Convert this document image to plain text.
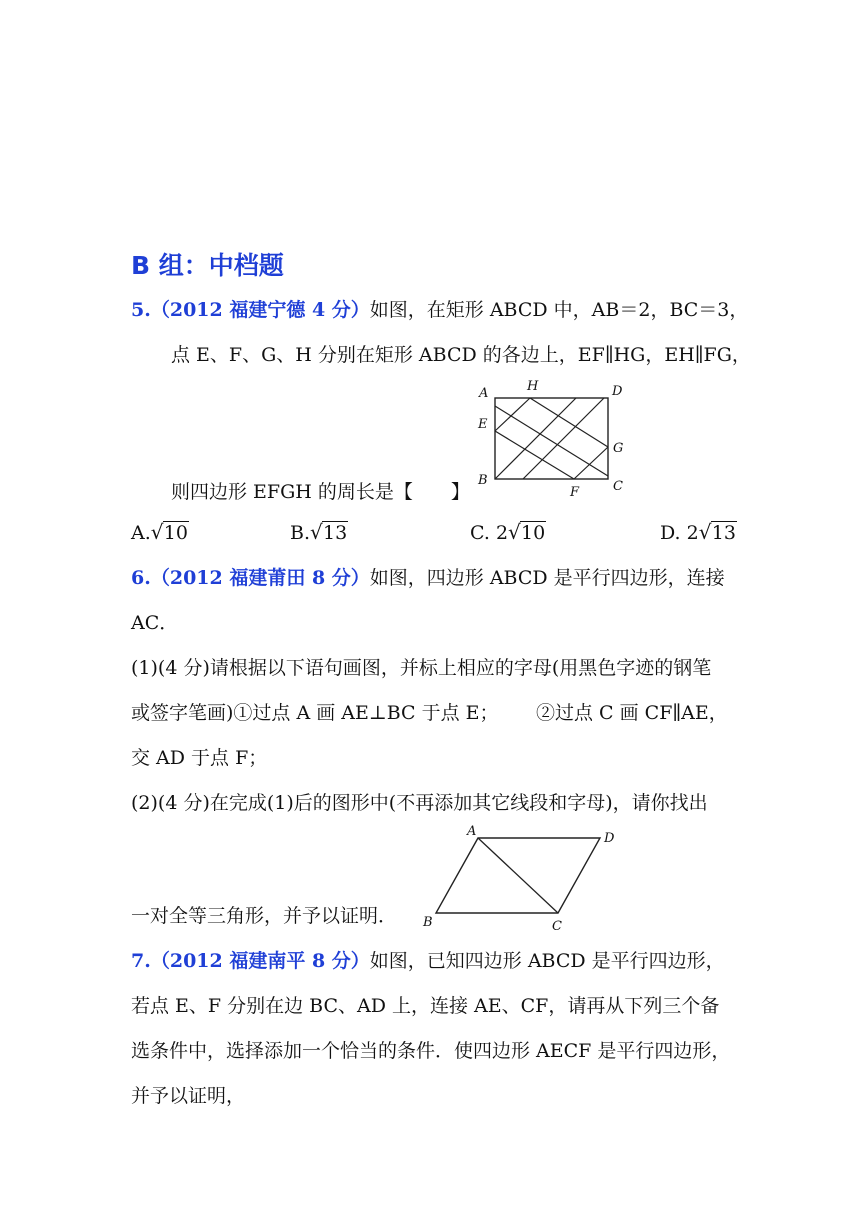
B 组：中档题
5.（2012 福建宁德 4 分）如图，在矩形 ABCD 中，AB＝2，BC＝3，
点 E、F、G、H 分别在矩形 ABCD 的各边上，EF∥HG，EH∥FG，
A	H	D
E
G
B
F	C
则四边形 EFGH 的周长是【　　】
A. √ 10	B. √ 13	C. 2 √ 10	D. 2 √ 13
6.（2012 福建莆田 8 分）如图，四边形 ABCD 是平行四边形，连接
AC．
(1)(4 分)请根据以下语句画图，并标上相应的字母(用黑色字迹的钢笔
或签字笔画)①过点 A 画 AE⊥BC 于点 E； ②过点 C 画 CF∥AE，
交 AD 于点 F；
(2)(4 分)在完成(1)后的图形中(不再添加其它线段和字母)，请你找出
A	D
B	C
一对全等三角形，并予以证明．
7.（2012 福建南平 8 分）如图，已知四边形 ABCD 是平行四边形，
若点 E、F 分别在边 BC、AD 上，连接 AE、CF，请再从下列三个备
选条件中，选择添加一个恰当的条件．使四边形 AECF 是平行四边形，
并予以证明，
